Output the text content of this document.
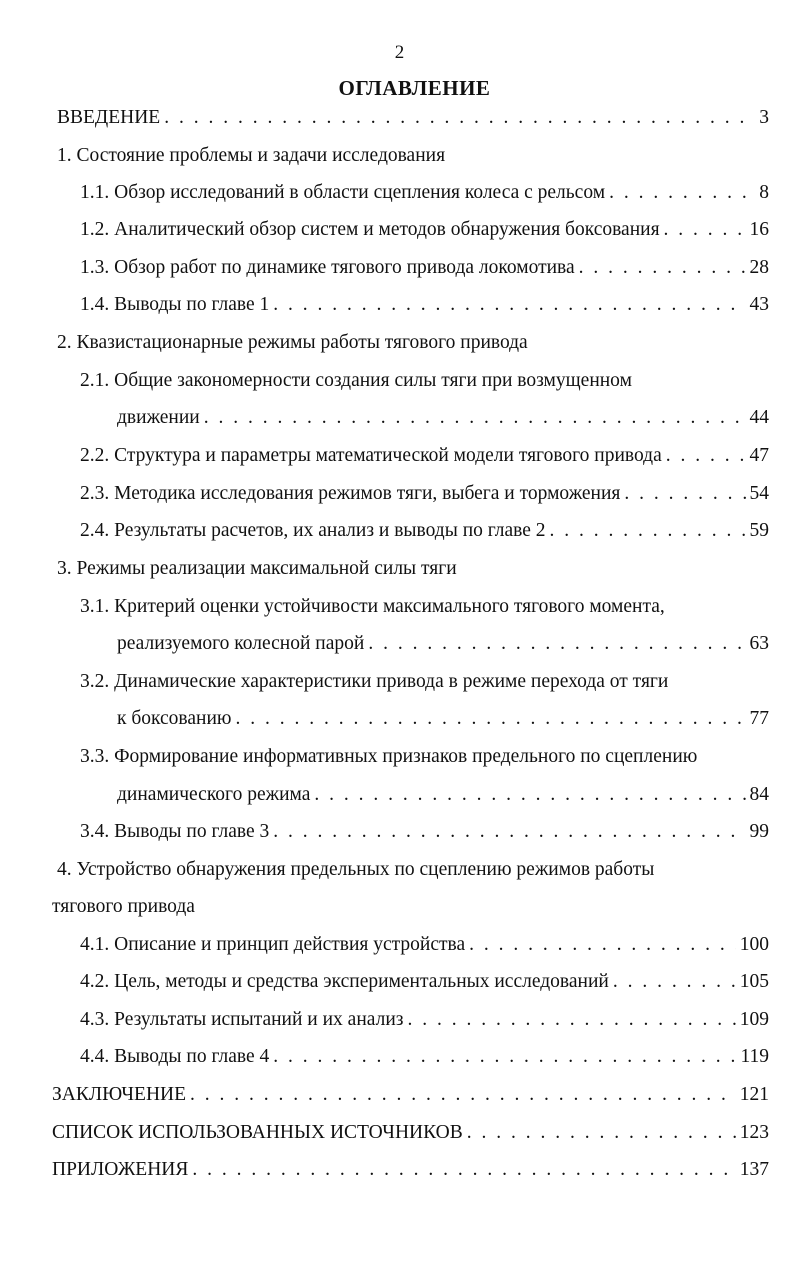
2
ОГЛАВЛЕНИЕ
ВВЕДЕНИЕ . . .	3
1. Состояние проблемы и задачи исследования
1.1. Обзор исследований в области сцепления колеса с рельсом . . .	8
1.2. Аналитический обзор систем и методов обнаружения боксования . . .	16
1.3. Обзор работ по динамике тягового привода локомотива . . .	28
1.4. Выводы по главе 1 . . .	43
2. Квазистационарные режимы работы тягового привода
2.1. Общие закономерности создания силы тяги при возмущенном
движении . . .	44
2.2. Структура и параметры математической модели тягового привода . . .	47
2.3. Методика исследования режимов тяги, выбега и торможения . . .	54
2.4. Результаты расчетов, их анализ и выводы по главе 2 . . .	59
3. Режимы реализации максимальной силы тяги
3.1. Критерий оценки устойчивости максимального тягового момента,
реализуемого колесной парой . . .	63
3.2. Динамические характеристики привода в режиме перехода от тяги
к боксованию . . .	77
3.3. Формирование информативных признаков предельного по сцеплению
динамического режима . . .	84
3.4. Выводы по главе 3 . . .	99
4. Устройство обнаружения предельных по сцеплению режимов работы
тягового привода
4.1. Описание и принцип действия устройства . . .	100
4.2. Цель, методы и средства экспериментальных исследований . . .	105
4.3. Результаты испытаний и их анализ . . .	109
4.4. Выводы по главе 4 . . .	119
ЗАКЛЮЧЕНИЕ . . .	121
СПИСОК ИСПОЛЬЗОВАННЫХ ИСТОЧНИКОВ . . .	123
ПРИЛОЖЕНИЯ . . .	137
